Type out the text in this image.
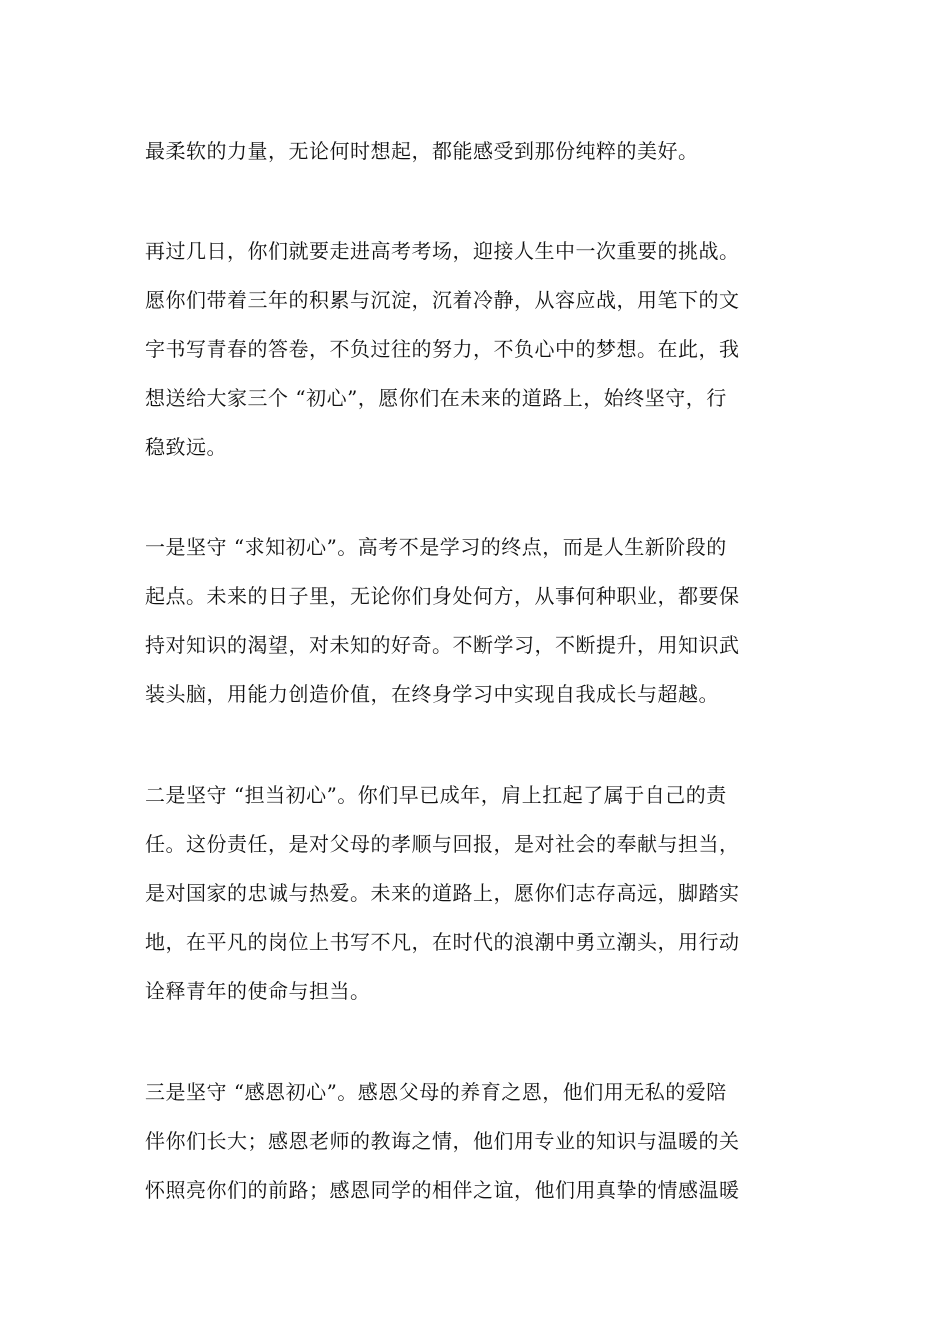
最柔软的力量，无论何时想起，都能感受到那份纯粹的美好。

再过几日，你们就要走进高考考场，迎接人生中一次重要的挑战。
愿你们带着三年的积累与沉淀，沉着冷静，从容应战，用笔下的文
字书写青春的答卷，不负过往的努力，不负心中的梦想。在此，我
想送给大家三个 “初心”，愿你们在未来的道路上，始终坚守，行
稳致远。

一是坚守 “求知初心”。高考不是学习的终点，而是人生新阶段的
起点。未来的日子里，无论你们身处何方，从事何种职业，都要保
持对知识的渴望，对未知的好奇。不断学习，不断提升，用知识武
装头脑，用能力创造价值，在终身学习中实现自我成长与超越。

二是坚守 “担当初心”。你们早已成年，肩上扛起了属于自己的责
任。这份责任，是对父母的孝顺与回报，是对社会的奉献与担当，
是对国家的忠诚与热爱。未来的道路上，愿你们志存高远，脚踏实
地，在平凡的岗位上书写不凡，在时代的浪潮中勇立潮头，用行动
诠释青年的使命与担当。

三是坚守 “感恩初心”。感恩父母的养育之恩，他们用无私的爱陪
伴你们长大；感恩老师的教诲之情，他们用专业的知识与温暖的关
怀照亮你们的前路；感恩同学的相伴之谊，他们用真挚的情感温暖
